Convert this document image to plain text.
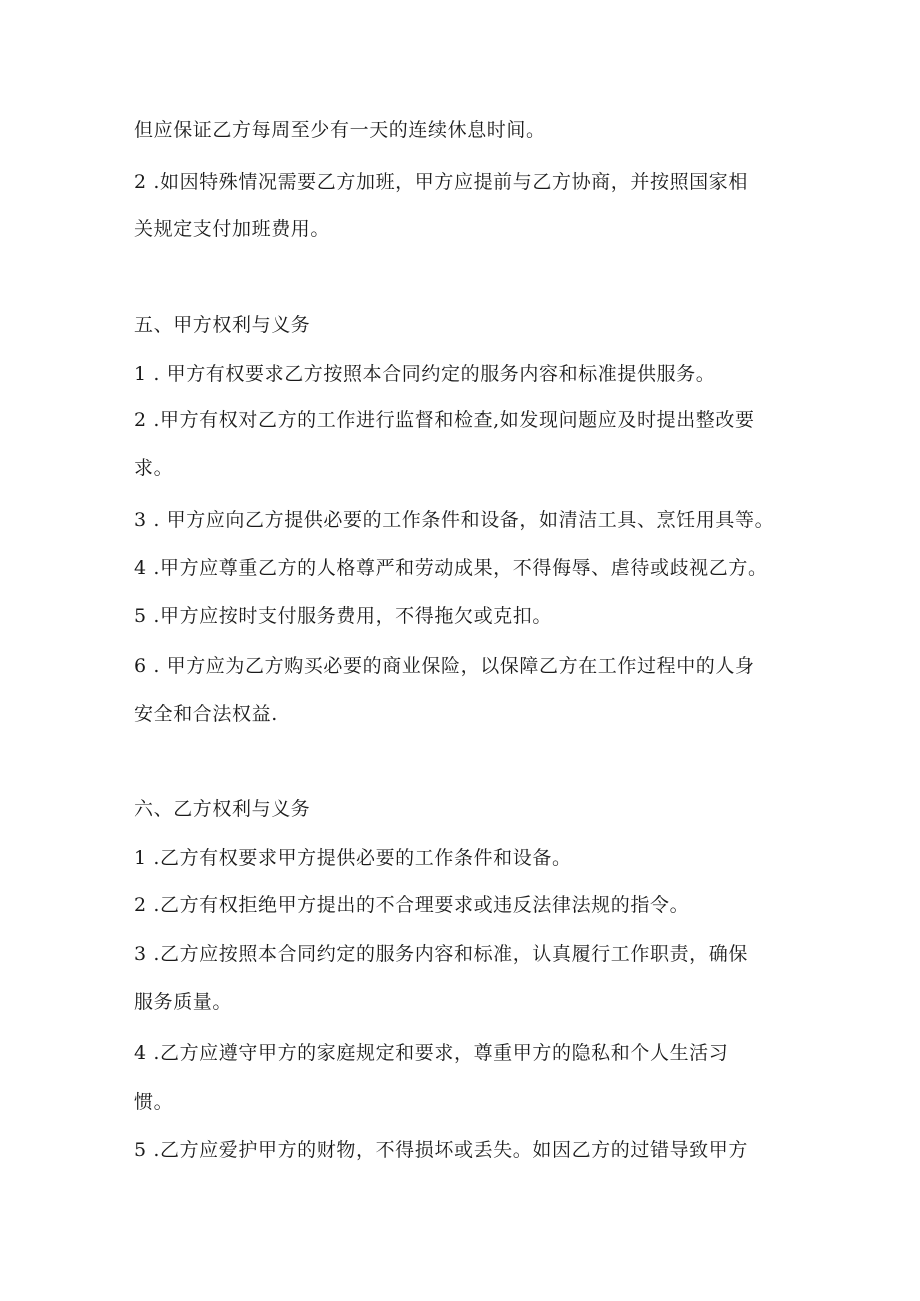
但应保证乙方每周至少有一天的连续休息时间。
2 .如因特殊情况需要乙方加班，甲方应提前与乙方协商，并按照国家相
关规定支付加班费用。
五、甲方权利与义务
1 . 甲方有权要求乙方按照本合同约定的服务内容和标准提供服务。
2 .甲方有权对乙方的工作进行监督和检查,如发现问题应及时提出整改要
求。
3 . 甲方应向乙方提供必要的工作条件和设备，如清洁工具、烹饪用具等。
4 .甲方应尊重乙方的人格尊严和劳动成果，不得侮辱、虐待或歧视乙方。
5 .甲方应按时支付服务费用，不得拖欠或克扣。
6 . 甲方应为乙方购买必要的商业保险，以保障乙方在工作过程中的人身
安全和合法权益.
六、乙方权利与义务
1 .乙方有权要求甲方提供必要的工作条件和设备。
2 .乙方有权拒绝甲方提出的不合理要求或违反法律法规的指令。
3 .乙方应按照本合同约定的服务内容和标准，认真履行工作职责，确保
服务质量。
4 .乙方应遵守甲方的家庭规定和要求，尊重甲方的隐私和个人生活习
惯。
5 .乙方应爱护甲方的财物，不得损坏或丢失。如因乙方的过错导致甲方
